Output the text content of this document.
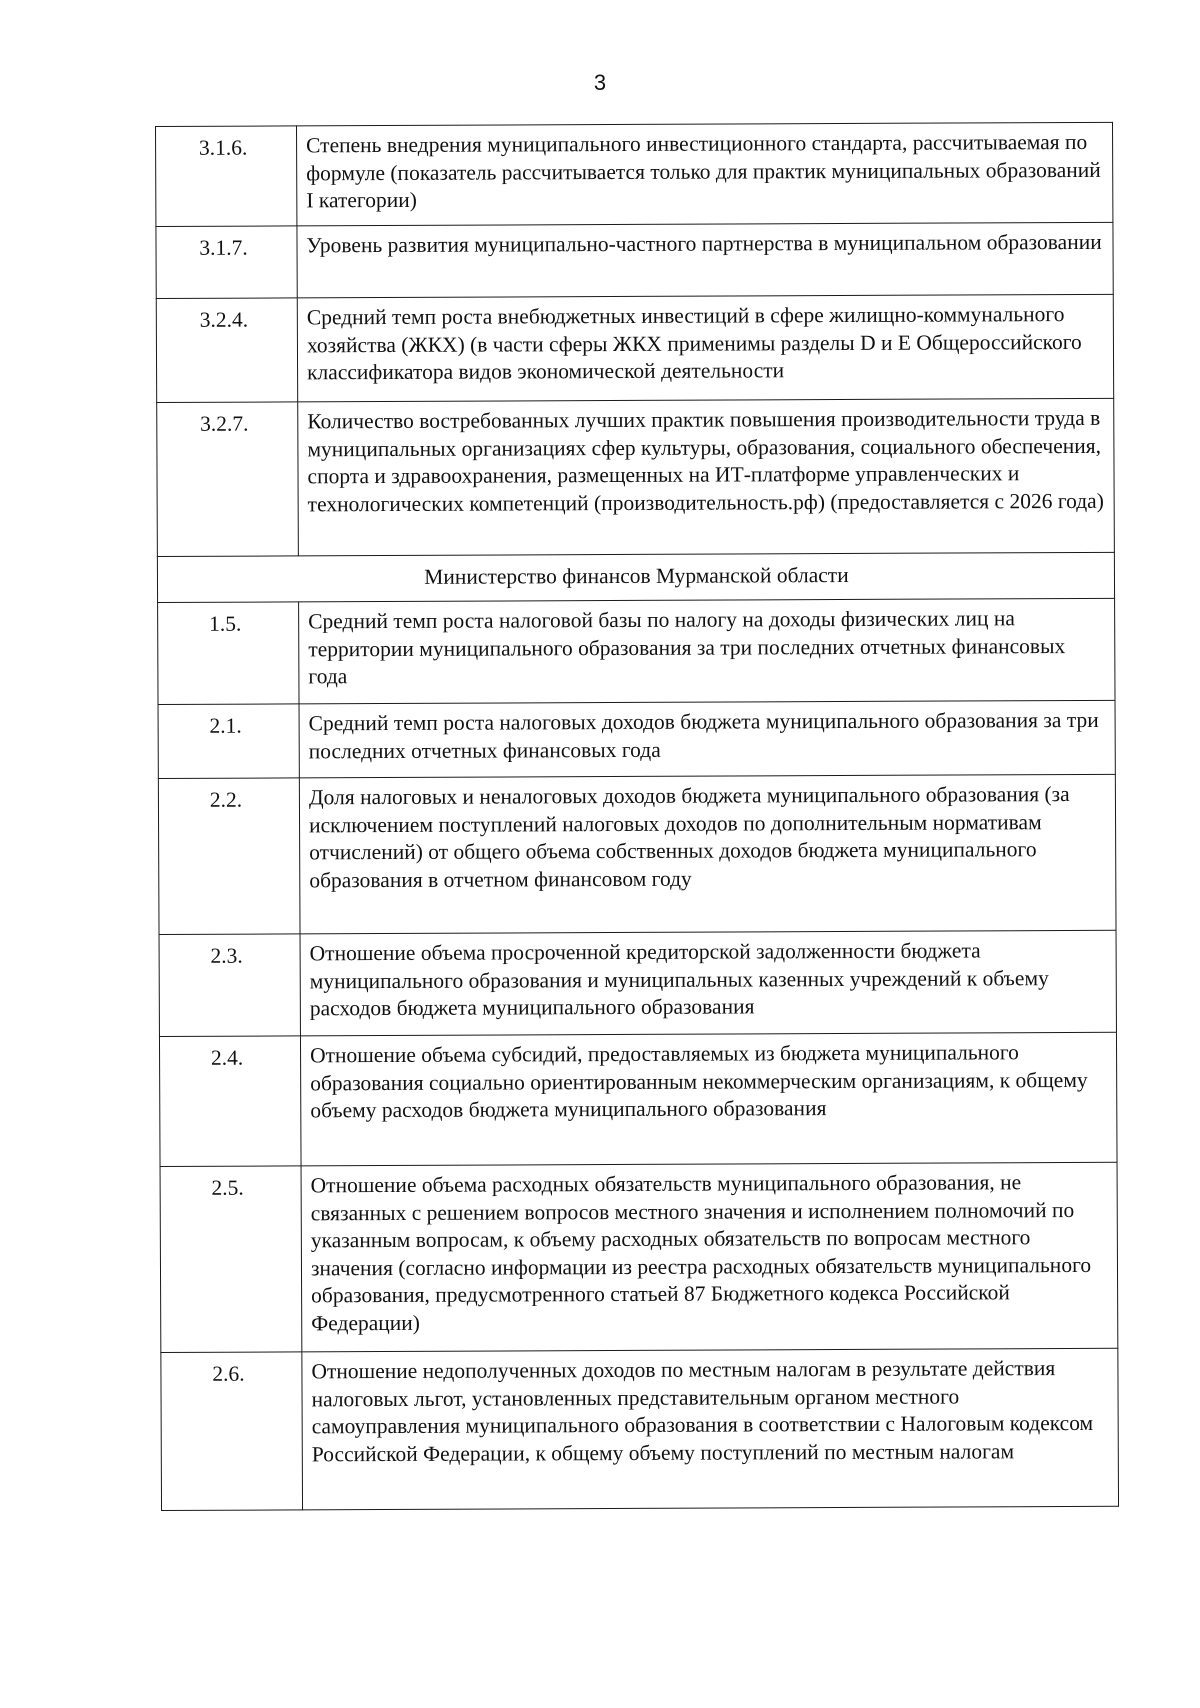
3
3.1.6.	Степень внедрения муниципального инвестиционного стандарта, рассчитываемая по формуле (показатель рассчитывается только для практик муниципальных образований I категории)
3.1.7.	Уровень развития муниципально-частного партнерства в муниципальном образовании
3.2.4.	Средний темп роста внебюджетных инвестиций в сфере жилищно-коммунального хозяйства (ЖКХ) (в части сферы ЖКХ применимы разделы D и E Общероссийского классификатора видов экономической деятельности
3.2.7.	Количество востребованных лучших практик повышения производительности труда в муниципальных организациях сфер культуры, образования, социального обеспечения, спорта и здравоохранения, размещенных на ИТ-платформе управленческих и технологических компетенций (производительность.рф) (предоставляется с 2026 года)
Министерство финансов Мурманской области	
1.5.	Средний темп роста налоговой базы по налогу на доходы физических лиц на территории муниципального образования за три последних отчетных финансовых года
2.1.	Средний темп роста налоговых доходов бюджета муниципального образования за три последних отчетных финансовых года
2.2.	Доля налоговых и неналоговых доходов бюджета муниципального образования (за исключением поступлений налоговых доходов по дополнительным нормативам отчислений) от общего объема собственных доходов бюджета муниципального образования в отчетном финансовом году
2.3.	Отношение объема просроченной кредиторской задолженности бюджета муниципального образования и муниципальных казенных учреждений к объему расходов бюджета муниципального образования
2.4.	Отношение объема субсидий, предоставляемых из бюджета муниципального образования социально ориентированным некоммерческим организациям, к общему объему расходов бюджета муниципального образования
2.5.	Отношение объема расходных обязательств муниципального образования, не связанных с решением вопросов местного значения и исполнением полномочий по указанным вопросам, к объему расходных обязательств по вопросам местного значения (согласно информации из реестра расходных обязательств муниципального образования, предусмотренного статьей 87 Бюджетного кодекса Российской Федерации)
2.6.	Отношение недополученных доходов по местным налогам в результате действия налоговых льгот, установленных представительным органом местного самоуправления муниципального образования в соответствии с Налоговым кодексом Российской Федерации, к общему объему поступлений по местным налогам
